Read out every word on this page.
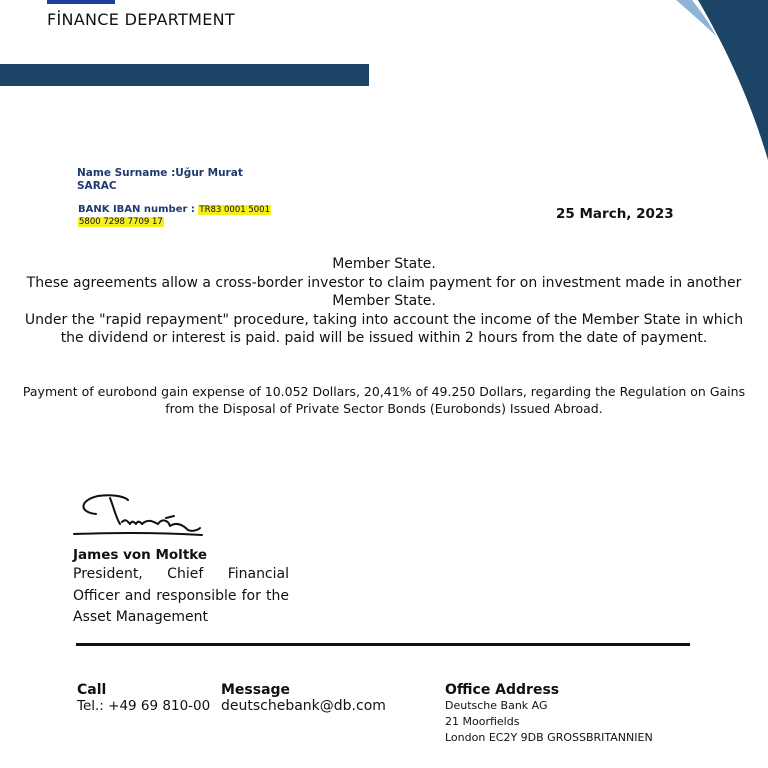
FİNANCE DEPARTMENT
Name Surname :Uğur Murat
SARAC
BANK IBAN number : TR83 0001 5001
5800 7298 7709 17	25 March, 2023
Member State.
These agreements allow a cross-border investor to claim payment for on investment made in another
Member State.
Under the "rapid repayment" procedure, taking into account the income of the Member State in which
the dividend or interest is paid. paid will be issued within 2 hours from the date of payment.
Payment of eurobond gain expense of 10.052 Dollars, 20,41% of 49.250 Dollars, regarding the Regulation on Gains
from the Disposal of Private Sector Bonds (Eurobonds) Issued Abroad.
James von Moltke
President, Chief Financial Officer and responsible for the Asset Management
Call
Tel.: +49 69 810-00
Message
deutschebank@db.com
Office Address
Deutsche Bank AG
21 Moorfields
London EC2Y 9DB GROSSBRITANNIEN
